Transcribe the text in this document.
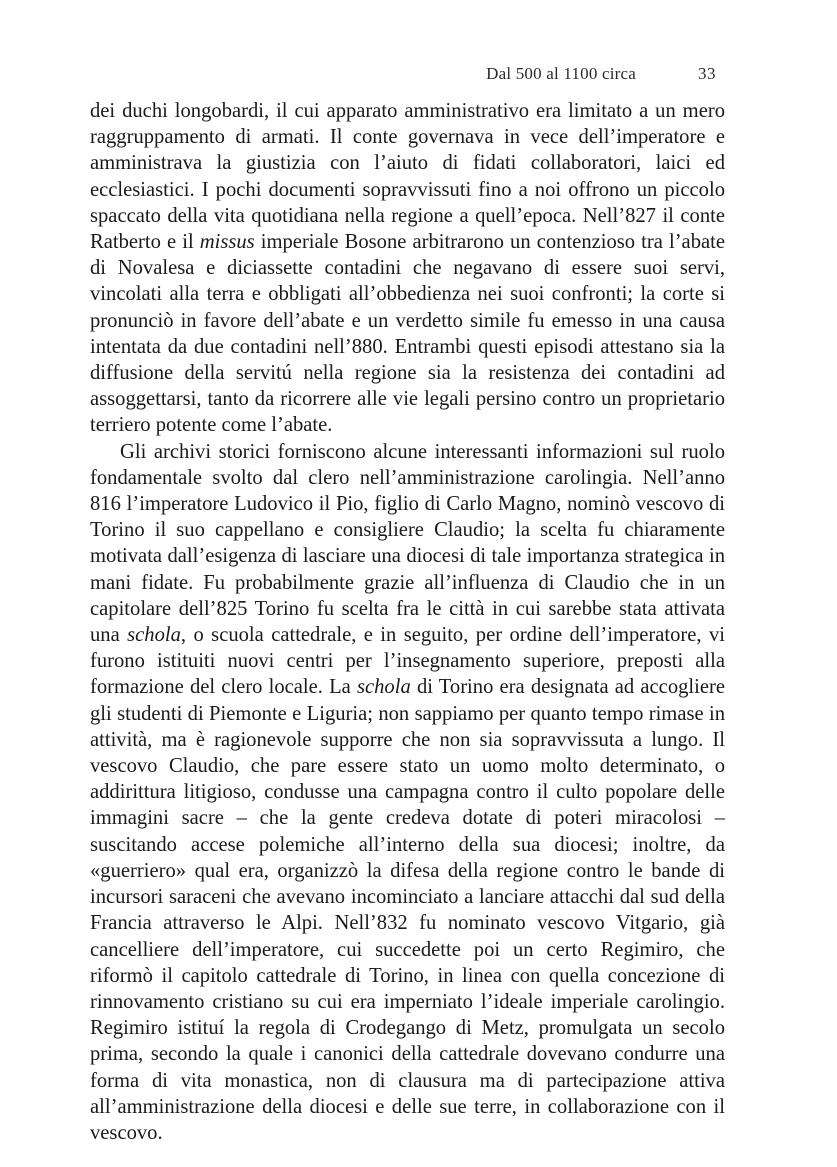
Dal 500 al 1100 circa	33

dei duchi longobardi, il cui apparato amministrativo era limitato a un mero raggruppamento di armati. Il conte governava in vece dell’imperatore e amministrava la giustizia con l’aiuto di fidati collaboratori, laici ed ecclesiastici. I pochi documenti sopravvissuti fino a noi offrono un piccolo spaccato della vita quotidiana nella regione a quell’epoca. Nell’827 il conte Ratberto e il missus imperiale Bosone arbitrarono un contenzioso tra l’abate di Novalesa e diciassette contadini che negavano di essere suoi servi, vincolati alla terra e obbligati all’obbedienza nei suoi confronti; la corte si pronunciò in favore dell’abate e un verdetto simile fu emesso in una causa intentata da due contadini nell’880. Entrambi questi episodi attestano sia la diffusione della servitú nella regione sia la resistenza dei contadini ad assoggettarsi, tanto da ricorrere alle vie legali persino contro un proprietario terriero potente come l’abate.

Gli archivi storici forniscono alcune interessanti informazioni sul ruolo fondamentale svolto dal clero nell’amministrazione carolingia. Nell’anno 816 l’imperatore Ludovico il Pio, figlio di Carlo Magno, nominò vescovo di Torino il suo cappellano e consigliere Claudio; la scelta fu chiaramente motivata dall’esigenza di lasciare una diocesi di tale importanza strategica in mani fidate. Fu probabilmente grazie all’influenza di Claudio che in un capitolare dell’825 Torino fu scelta fra le città in cui sarebbe stata attivata una schola, o scuola cattedrale, e in seguito, per ordine dell’imperatore, vi furono istituiti nuovi centri per l’insegnamento superiore, preposti alla formazione del clero locale. La schola di Torino era designata ad accogliere gli studenti di Piemonte e Liguria; non sappiamo per quanto tempo rimase in attività, ma è ragionevole supporre che non sia sopravvissuta a lungo. Il vescovo Claudio, che pare essere stato un uomo molto determinato, o addirittura litigioso, condusse una campagna contro il culto popolare delle immagini sacre – che la gente credeva dotate di poteri miracolosi – suscitando accese polemiche all’interno della sua diocesi; inoltre, da «guerriero» qual era, organizzò la difesa della regione contro le bande di incursori saraceni che avevano incominciato a lanciare attacchi dal sud della Francia attraverso le Alpi. Nell’832 fu nominato vescovo Vitgario, già cancelliere dell’imperatore, cui succedette poi un certo Regimiro, che riformò il capitolo cattedrale di Torino, in linea con quella concezione di rinnovamento cristiano su cui era imperniato l’ideale imperiale carolingio. Regimiro istituí la regola di Crodegango di Metz, promulgata un secolo prima, secondo la quale i canonici della cattedrale dovevano condurre una forma di vita monastica, non di clausura ma di partecipazione attiva all’amministrazione della diocesi e delle sue terre, in collaborazione con il vescovo.
